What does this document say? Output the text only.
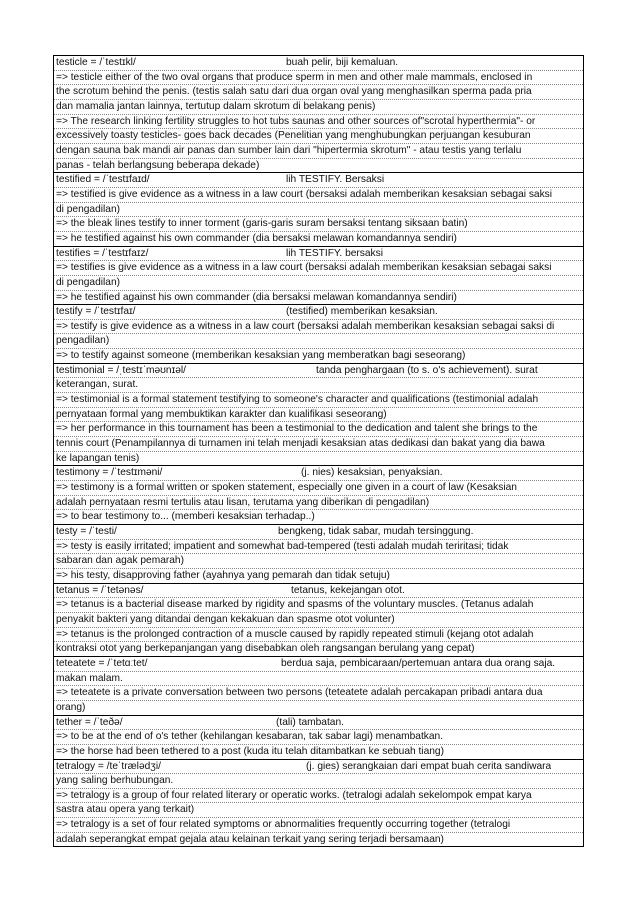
testicle = /ˈtestɪkl/	buah pelir, biji kemaluan.
=> testicle either of the two oval organs that produce sperm in men and other male mammals, enclosed in
the scrotum behind the penis. (testis salah satu dari dua organ oval yang menghasilkan sperma pada pria
dan mamalia jantan lainnya, tertutup dalam skrotum di belakang penis)
=> The research linking fertility struggles to hot tubs saunas and other sources of"scrotal hyperthermia"- or
excessively toasty testicles- goes back decades (Penelitian yang menghubungkan perjuangan kesuburan
dengan sauna bak mandi air panas dan sumber lain dari "hipertermia skrotum" - atau testis yang terlalu
panas - telah berlangsung beberapa dekade)
testified = /ˈtestɪfaɪd/	lih TESTIFY. Bersaksi
=> testified is give evidence as a witness in a law court (bersaksi adalah memberikan kesaksian sebagai saksi
di pengadilan)
=> the bleak lines testify to inner torment (garis-garis suram bersaksi tentang siksaan batin)
=> he testified against his own commander (dia bersaksi melawan komandannya sendiri)
testifies = /ˈtestɪfaɪz/	lih TESTIFY. bersaksi
=> testifies is give evidence as a witness in a law court (bersaksi adalah memberikan kesaksian sebagai saksi
di pengadilan)
=> he testified against his own commander (dia bersaksi melawan komandannya sendiri)
testify = /ˈtestɪfaɪ/	(testified) memberikan kesaksian.
=> testify is give evidence as a witness in a law court (bersaksi adalah memberikan kesaksian sebagai saksi di
pengadilan)
=> to testify against someone (memberikan kesaksian yang memberatkan bagi seseorang)
testimonial = /ˌtestɪˈməʊnɪəl/	tanda penghargaan (to s. o's achievement). surat
keterangan, surat.
=> testimonial is a formal statement testifying to someone's character and qualifications (testimonial adalah
pernyataan formal yang membuktikan karakter dan kualifikasi seseorang)
=> her performance in this tournament has been a testimonial to the dedication and talent she brings to the
tennis court (Penampilannya di turnamen ini telah menjadi kesaksian atas dedikasi dan bakat yang dia bawa
ke lapangan tenis)
testimony = /ˈtestɪməni/	(j. nies) kesaksian, penyaksian.
=> testimony is a formal written or spoken statement, especially one given in a court of law (Kesaksian
adalah pernyataan resmi tertulis atau lisan, terutama yang diberikan di pengadilan)
=> to bear testimony to... (memberi kesaksian terhadap..)
testy = /ˈtesti/	bengkeng, tidak sabar, mudah tersinggung.
=> testy is easily irritated; impatient and somewhat bad-tempered (testi adalah mudah teriritasi; tidak
sabaran dan agak pemarah)
=> his testy, disapproving father (ayahnya yang pemarah dan tidak setuju)
tetanus = /ˈtetənəs/	tetanus, kekejangan otot.
=> tetanus is a bacterial disease marked by rigidity and spasms of the voluntary muscles. (Tetanus adalah
penyakit bakteri yang ditandai dengan kekakuan dan spasme otot volunter)
=> tetanus is the prolonged contraction of a muscle caused by rapidly repeated stimuli (kejang otot adalah
kontraksi otot yang berkepanjangan yang disebabkan oleh rangsangan berulang yang cepat)
teteatete = /ˈtetɑːtet/	berdua saja, pembicaraan/pertemuan antara dua orang saja.
makan malam.
=> teteatete is a private conversation between two persons (teteatete adalah percakapan pribadi antara dua
orang)
tether = /ˈteðə/	(tali) tambatan.
=> to be at the end of o's tether (kehilangan kesabaran, tak sabar lagi) menambatkan.
=> the horse had been tethered to a post (kuda itu telah ditambatkan ke sebuah tiang)
tetralogy = /teˈtrælədʒi/	(j. gies) serangkaian dari empat buah cerita sandiwara
yang saling berhubungan.
=> tetralogy is a group of four related literary or operatic works. (tetralogi adalah sekelompok empat karya
sastra atau opera yang terkait)
=> tetralogy is a set of four related symptoms or abnormalities frequently occurring together (tetralogi
adalah seperangkat empat gejala atau kelainan terkait yang sering terjadi bersamaan)
